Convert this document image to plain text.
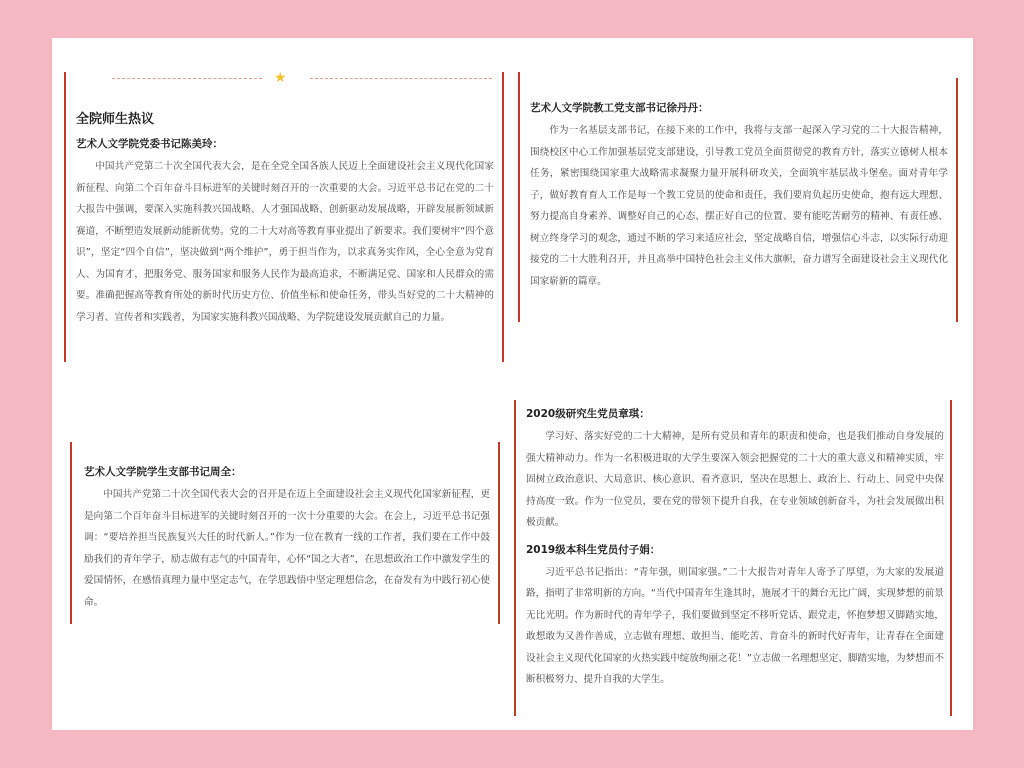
★

全院师生热议

艺术人文学院党委书记陈美玲：

中国共产党第二十次全国代表大会，是在全党全国各族人民迈上全面建设社会主义现代化国家新征程、向第二个百年奋斗目标进军的关键时刻召开的一次重要的大会。习近平总书记在党的二十大报告中强调，要深入实施科教兴国战略、人才强国战略、创新驱动发展战略，开辟发展新领域新赛道，不断塑造发展新动能新优势。党的二十大对高等教育事业提出了新要求。我们要树牢“四个意识”，坚定“四个自信”，坚决做到“两个维护”，勇于担当作为，以求真务实作风，全心全意为党育人、为国育才，把服务党、服务国家和服务人民作为最高追求，不断满足党、国家和人民群众的需要。准确把握高等教育所处的新时代历史方位、价值坐标和使命任务，带头当好党的二十大精神的学习者、宣传者和实践者，为国家实施科教兴国战略、为学院建设发展贡献自己的力量。

艺术人文学院教工党支部书记徐丹丹：

作为一名基层支部书记，在接下来的工作中，我将与支部一起深入学习党的二十大报告精神，围绕校区中心工作加强基层党支部建设，引导教工党员全面贯彻党的教育方针，落实立德树人根本任务，紧密围绕国家重大战略需求凝聚力量开展科研攻关，全面筑牢基层战斗堡垒。面对青年学子，做好教育育人工作是每一个教工党员的使命和责任，我们要肩负起历史使命，抱有远大理想、努力提高自身素养、调整好自己的心态、摆正好自己的位置、要有能吃苦耐劳的精神、有责任感、树立终身学习的观念，通过不断的学习来适应社会，坚定战略自信，增强信心斗志，以实际行动迎接党的二十大胜利召开，并且高举中国特色社会主义伟大旗帜，奋力谱写全面建设社会主义现代化国家崭新的篇章。

艺术人文学院学生支部书记周全：

中国共产党第二十次全国代表大会的召开是在迈上全面建设社会主义现代化国家新征程，更是向第二个百年奋斗目标进军的关键时刻召开的一次十分重要的大会。在会上，习近平总书记强调：“要培养担当民族复兴大任的时代新人。”作为一位在教育一线的工作者，我们要在工作中鼓励我们的青年学子，励志做有志气的中国青年，心怀“国之大者”，在思想政治工作中激发学生的爱国情怀，在感悟真理力量中坚定志气，在学思践悟中坚定理想信念，在奋发有为中践行初心使命。

2020级研究生党员章琪：

学习好、落实好党的二十大精神，是所有党员和青年的职责和使命，也是我们推动自身发展的强大精神动力。作为一名积极进取的大学生要深入领会把握党的二十大的重大意义和精神实质，牢固树立政治意识、大局意识、核心意识、看齐意识，坚决在思想上、政治上、行动上、同党中央保持高度一致。作为一位党员，要在党的带领下提升自我，在专业领域创新奋斗，为社会发展做出积极贡献。

2019级本科生党员付子娟：

习近平总书记指出：“青年强，则国家强。”二十大报告对青年人寄予了厚望，为大家的发展道路，指明了非常明新的方向。“当代中国青年生逢其时，施展才干的舞台无比广阔，实现梦想的前景无比光明。作为新时代的青年学子，我们要做到坚定不移听党话、跟党走，怀抱梦想又脚踏实地，敢想敢为又善作善成，立志做有理想、敢担当、能吃苦、肯奋斗的新时代好青年，让青春在全面建设社会主义现代化国家的火热实践中绽放绚丽之花！”立志做一名理想坚定、脚踏实地，为梦想而不断积极努力、提升自我的大学生。
